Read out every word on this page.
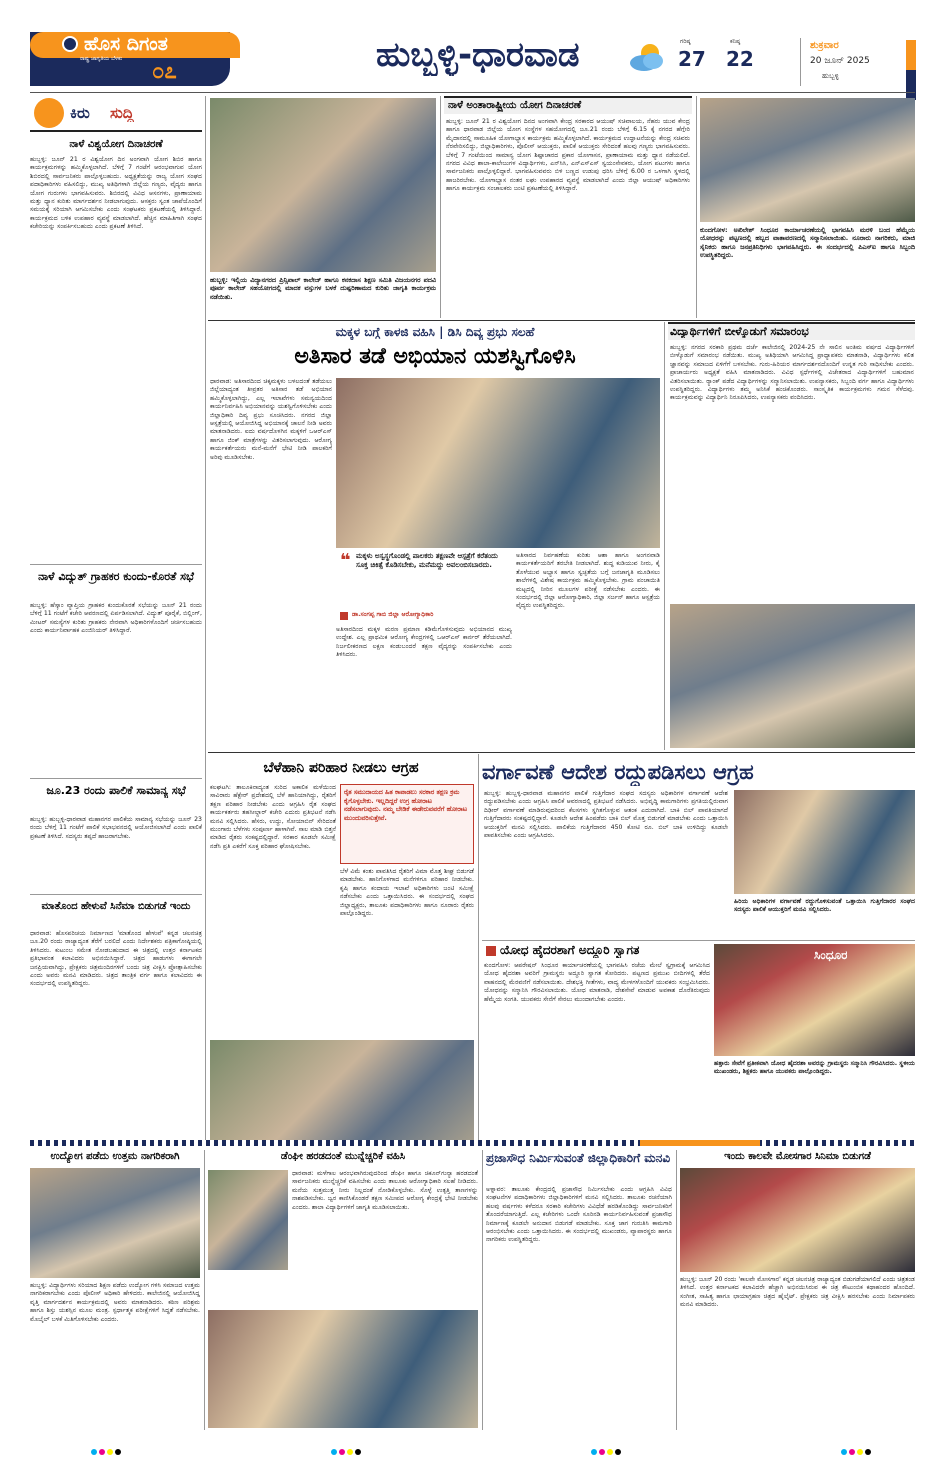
ಹೊಸ ದಿಗಂತ
ರಾಷ್ಟ್ರ ಜಾಗೃತಿಯ ಬೆಳಕು	೦೭	ಹುಬ್ಬಳ್ಳಿ-ಧಾರವಾಡ	ಗರಿಷ್ಠ
27
ಕನಿಷ್ಠ
22
ಶುಕ್ರವಾರ
20 ಜೂನ್ 2025
ಹುಬ್ಬಳ್ಳಿ
ಕಿರು ಸುದ್ದಿ
ನಾಳೆ ವಿಶ್ವಯೋಗ ದಿನಾಚರಣೆ
ಹುಬ್ಬಳ್ಳಿ: ಜೂನ್ 21 ರ ವಿಶ್ವಯೋಗ ದಿನ ಅಂಗವಾಗಿ ಯೋಗ ಶಿಬಿರ ಹಾಗೂ ಕಾರ್ಯಕ್ರಮಗಳನ್ನು ಹಮ್ಮಿಕೊಳ್ಳಲಾಗಿದೆ. ಬೆಳಿಗ್ಗೆ 7 ಗಂಟೆಗೆ ಆರಂಭವಾಗುವ ಯೋಗ ಶಿಬಿರದಲ್ಲಿ ಸಾರ್ವಜನಿಕರು ಪಾಲ್ಗೊಳ್ಳಬಹುದು. ಅಧ್ಯಕ್ಷತೆಯನ್ನು ರಾಜ್ಯ ಯೋಗ ಸಂಘದ ಪದಾಧಿಕಾರಿಗಳು ವಹಿಸಲಿದ್ದು, ಮುಖ್ಯ ಅತಿಥಿಗಳಾಗಿ ಜಿಲ್ಲೆಯ ಗಣ್ಯರು, ವೈದ್ಯರು ಹಾಗೂ ಯೋಗ ಗುರುಗಳು ಭಾಗವಹಿಸುವರು. ಶಿಬಿರದಲ್ಲಿ ವಿವಿಧ ಆಸನಗಳು, ಪ್ರಾಣಾಯಾಮ ಮತ್ತು ಧ್ಯಾನ ಕುರಿತು ಮಾರ್ಗದರ್ಶನ ನೀಡಲಾಗುವುದು. ಆಸಕ್ತರು ಸ್ವಂತ ಚಾಪೆಯೊಂದಿಗೆ ಸಮಯಕ್ಕೆ ಸರಿಯಾಗಿ ಆಗಮಿಸಬೇಕು ಎಂದು ಸಂಘಟಕರು ಪ್ರಕಟಣೆಯಲ್ಲಿ ತಿಳಿಸಿದ್ದಾರೆ. ಕಾರ್ಯಕ್ರಮದ ಬಳಿಕ ಉಪಹಾರ ವ್ಯವಸ್ಥೆ ಮಾಡಲಾಗಿದೆ. ಹೆಚ್ಚಿನ ಮಾಹಿತಿಗಾಗಿ ಸಂಘದ ಕಚೇರಿಯನ್ನು ಸಂಪರ್ಕಿಸಬಹುದು ಎಂದು ಪ್ರಕಟಣೆ ತಿಳಿಸಿದೆ.
ನಾಳೆ ವಿದ್ಯುತ್ ಗ್ರಾಹಕರ ಕುಂದು-ಕೊರತೆ ಸಭೆ
ಹುಬ್ಬಳ್ಳಿ: ಹೆಸ್ಕಾಂ ವ್ಯಾಪ್ತಿಯ ಗ್ರಾಹಕರ ಕುಂದುಕೊರತೆ ಸಭೆಯನ್ನು ಜೂನ್ 21 ರಂದು ಬೆಳಿಗ್ಗೆ 11 ಗಂಟೆಗೆ ಕಚೇರಿ ಆವರಣದಲ್ಲಿ ಏರ್ಪಡಿಸಲಾಗಿದೆ. ವಿದ್ಯುತ್ ಪೂರೈಕೆ, ಬಿಲ್ಲಿಂಗ್, ಮೀಟರ್ ಸಮಸ್ಯೆಗಳ ಕುರಿತು ಗ್ರಾಹಕರು ನೇರವಾಗಿ ಅಧಿಕಾರಿಗಳೊಂದಿಗೆ ಚರ್ಚಿಸಬಹುದು ಎಂದು ಕಾರ್ಯನಿರ್ವಾಹಕ ಎಂಜಿನಿಯರ್ ತಿಳಿಸಿದ್ದಾರೆ.
ಜೂ.23 ರಂದು ಪಾಲಿಕೆ ಸಾಮಾನ್ಯ ಸಭೆ
ಹುಬ್ಬಳ್ಳಿ: ಹುಬ್ಬಳ್ಳಿ-ಧಾರವಾಡ ಮಹಾನಗರ ಪಾಲಿಕೆಯ ಸಾಮಾನ್ಯ ಸಭೆಯನ್ನು ಜೂನ್ 23 ರಂದು ಬೆಳಿಗ್ಗೆ 11 ಗಂಟೆಗೆ ಪಾಲಿಕೆ ಸಭಾಭವನದಲ್ಲಿ ಆಯೋಜಿಸಲಾಗಿದೆ ಎಂದು ಪಾಲಿಕೆ ಪ್ರಕಟಣೆ ತಿಳಿಸಿದೆ. ಸದಸ್ಯರು ತಪ್ಪದೆ ಹಾಜರಾಗಬೇಕು.
ಮಾತೊಂದ ಹೇಳುವೆ ಸಿನೆಮಾ ಬಿಡುಗಡೆ ಇಂದು
ಧಾರವಾಡ: ಹೊಸಪರಿಚಯ ನಿರ್ಮಾಣದ 'ಮಾತೊಂದ ಹೇಳುವೆ' ಕನ್ನಡ ಚಲನಚಿತ್ರ ಜೂ.20 ರಂದು ರಾಜ್ಯಾದ್ಯಂತ ತೆರೆಗೆ ಬರಲಿದೆ ಎಂದು ನಿರ್ದೇಶಕರು ಪತ್ರಿಕಾಗೋಷ್ಠಿಯಲ್ಲಿ ತಿಳಿಸಿದರು. ಕುಟುಂಬ ಸಮೇತ ನೋಡಬಹುದಾದ ಈ ಚಿತ್ರದಲ್ಲಿ ಉತ್ತರ ಕರ್ನಾಟಕದ ಪ್ರತಿಭಾವಂತ ಕಲಾವಿದರು ಅಭಿನಯಿಸಿದ್ದಾರೆ. ಚಿತ್ರದ ಹಾಡುಗಳು ಈಗಾಗಲೇ ಜನಪ್ರಿಯವಾಗಿದ್ದು, ಪ್ರೇಕ್ಷಕರು ಚಿತ್ರಮಂದಿರಗಳಿಗೆ ಬಂದು ಚಿತ್ರ ವೀಕ್ಷಿಸಿ ಪ್ರೋತ್ಸಾಹಿಸಬೇಕು ಎಂದು ಅವರು ಮನವಿ ಮಾಡಿದರು. ಚಿತ್ರದ ತಾಂತ್ರಿಕ ವರ್ಗ ಹಾಗೂ ಕಲಾವಿದರು ಈ ಸಂದರ್ಭದಲ್ಲಿ ಉಪಸ್ಥಿತರಿದ್ದರು.
ಹುಬ್ಬಳ್ಳಿ: ಇಲ್ಲಿಯ ವಿದ್ಯಾನಗರದ ಪ್ರಿನ್ಸಿಪಾಲ್ ಕಾಲೇಜ್ ಹಾಗೂ ಕನಕದಾಸ ಶಿಕ್ಷಣ ಸಮಿತಿ ವಿಜಯನಗರ ಪದವಿ ಪೂರ್ವ ಕಾಲೇಜ್ ಸಹಯೋಗದಲ್ಲಿ ಮಾದಕ ವಸ್ತುಗಳ ಬಳಕೆ ದುಷ್ಪರಿಣಾಮದ ಕುರಿತು ಜಾಗೃತಿ ಕಾರ್ಯಕ್ರಮ ನಡೆಯಿತು.
ನಾಳೆ ಅಂತಾರಾಷ್ಟ್ರೀಯ ಯೋಗ ದಿನಾಚರಣೆ
ಹುಬ್ಬಳ್ಳಿ: ಜೂನ್ 21 ರ ವಿಶ್ವಯೋಗ ದಿನದ ಅಂಗವಾಗಿ ಕೇಂದ್ರ ಸರಕಾರದ ಆಯುಷ್ ಸಚಿವಾಲಯ, ನೆಹರು ಯುವ ಕೇಂದ್ರ ಹಾಗೂ ಧಾರವಾಡ ಜಿಲ್ಲೆಯ ಯೋಗ ಸಂಸ್ಥೆಗಳ ಸಹಯೋಗದಲ್ಲಿ ಜೂ.21 ರಂದು ಬೆಳಿಗ್ಗೆ 6.15 ಕ್ಕೆ ನಗರದ ಹೆಗ್ಗೇರಿ ಮೈದಾನದಲ್ಲಿ ಸಾಮೂಹಿಕ ಯೋಗಾಭ್ಯಾಸ ಕಾರ್ಯಕ್ರಮ ಹಮ್ಮಿಕೊಳ್ಳಲಾಗಿದೆ. ಕಾರ್ಯಕ್ರಮದ ಉದ್ಘಾಟನೆಯನ್ನು ಕೇಂದ್ರ ಸಚಿವರು ನೆರವೇರಿಸಲಿದ್ದು, ಜಿಲ್ಲಾಧಿಕಾರಿಗಳು, ಪೊಲೀಸ್ ಆಯುಕ್ತರು, ಪಾಲಿಕೆ ಆಯುಕ್ತರು ಸೇರಿದಂತೆ ಹಲವು ಗಣ್ಯರು ಭಾಗವಹಿಸುವರು. ಬೆಳಿಗ್ಗೆ 7 ಗಂಟೆಯಿಂದ ಸಾಮಾನ್ಯ ಯೋಗ ಶಿಷ್ಟಾಚಾರದ ಪ್ರಕಾರ ಯೋಗಾಸನ, ಪ್ರಾಣಾಯಾಮ ಮತ್ತು ಧ್ಯಾನ ನಡೆಯಲಿದೆ. ನಗರದ ವಿವಿಧ ಶಾಲಾ-ಕಾಲೇಜುಗಳ ವಿದ್ಯಾರ್ಥಿಗಳು, ಎನ್‌ಸಿಸಿ, ಎನ್‌ಎಸ್‌ಎಸ್ ಸ್ವಯಂಸೇವಕರು, ಯೋಗ ಪಟುಗಳು ಹಾಗೂ ಸಾರ್ವಜನಿಕರು ಪಾಲ್ಗೊಳ್ಳಲಿದ್ದಾರೆ. ಭಾಗವಹಿಸುವವರು ಬಿಳಿ ಬಣ್ಣದ ಉಡುಪು ಧರಿಸಿ ಬೆಳಿಗ್ಗೆ 6.00 ರ ಒಳಗಾಗಿ ಸ್ಥಳದಲ್ಲಿ ಹಾಜರಿರಬೇಕು. ಯೋಗಾಭ್ಯಾಸ ನಂತರ ಲಘು ಉಪಹಾರದ ವ್ಯವಸ್ಥೆ ಮಾಡಲಾಗಿದೆ ಎಂದು ಜಿಲ್ಲಾ ಆಯುಷ್ ಅಧಿಕಾರಿಗಳು ಹಾಗೂ ಕಾರ್ಯಕ್ರಮ ಸಂಚಾಲಕರು ಜಂಟಿ ಪ್ರಕಟಣೆಯಲ್ಲಿ ತಿಳಿಸಿದ್ದಾರೆ.
ಕುಂದಗೋಳ: ಅಖಿಲೇಶ್ ಸಿಂಧೂರ ಕಾರ್ಯಾಚರಣೆಯಲ್ಲಿ ಭಾಗವಹಿಸಿ ಮರಳಿ ಬಂದ ಹೆಮ್ಮೆಯ ಯೋಧರನ್ನು ಪಟ್ಟಣದಲ್ಲಿ ಹಬ್ಬದ ವಾತಾವರಣದಲ್ಲಿ ಸನ್ಮಾನಿಸಲಾಯಿತು. ನೂರಾರು ನಾಗರಿಕರು, ಮಾಜಿ ಸೈನಿಕರು ಹಾಗೂ ಜನಪ್ರತಿನಿಧಿಗಳು ಭಾಗವಹಿಸಿದ್ದರು. ಈ ಸಂದರ್ಭದಲ್ಲಿ ಪಿಎಸ್ಐ ಹಾಗೂ ಸಿಬ್ಬಂದಿ ಉಪಸ್ಥಿತರಿದ್ದರು.
ಮಕ್ಕಳ ಬಗ್ಗೆ ಕಾಳಜಿ ವಹಿಸಿ | ಡಿಸಿ ದಿವ್ಯ ಪ್ರಭು ಸಲಹೆ
ಅತಿಸಾರ ತಡೆ ಅಭಿಯಾನ ಯಶಸ್ವಿಗೊಳಿಸಿ
ಧಾರವಾಡ: ಅತಿಸಾರದಿಂದ ಚಿಕ್ಕಮಕ್ಕಳು ಬಳಲದಂತೆ ತಡೆಯಲು ಜಿಲ್ಲೆಯಾದ್ಯಂತ ತೀವ್ರತರ ಅತಿಸಾರ ತಡೆ ಅಭಿಯಾನ ಹಮ್ಮಿಕೊಳ್ಳಲಾಗಿದ್ದು, ಎಲ್ಲ ಇಲಾಖೆಗಳು ಸಮನ್ವಯದಿಂದ ಕಾರ್ಯನಿರ್ವಹಿಸಿ ಅಭಿಯಾನವನ್ನು ಯಶಸ್ವಿಗೊಳಿಸಬೇಕು ಎಂದು ಜಿಲ್ಲಾಧಿಕಾರಿ ದಿವ್ಯ ಪ್ರಭು ಸೂಚಿಸಿದರು. ನಗರದ ಜಿಲ್ಲಾ ಆಸ್ಪತ್ರೆಯಲ್ಲಿ ಆಯೋಜಿಸಿದ್ದ ಅಭಿಯಾನಕ್ಕೆ ಚಾಲನೆ ನೀಡಿ ಅವರು ಮಾತನಾಡಿದರು. ಐದು ವರ್ಷದೊಳಗಿನ ಮಕ್ಕಳಿಗೆ ಒಆರ್‌ಎಸ್ ಹಾಗೂ ಜಿಂಕ್ ಮಾತ್ರೆಗಳನ್ನು ವಿತರಿಸಲಾಗುವುದು. ಆರೋಗ್ಯ ಕಾರ್ಯಕರ್ತೆಯರು ಮನೆ-ಮನೆಗೆ ಭೇಟಿ ನೀಡಿ ಪಾಲಕರಿಗೆ ಅರಿವು ಮೂಡಿಸಬೇಕು.
❝ ಮಕ್ಕಳು ಅಸ್ವಸ್ಥಗೊಂಡಲ್ಲಿ ಪಾಲಕರು ತಕ್ಷಣವೇ ಆಸ್ಪತ್ರೆಗೆ ಕರೆತಂದು ಸೂಕ್ತ ಚಿಕಿತ್ಸೆ ಕೊಡಿಸಬೇಕು, ಮನೆಮದ್ದು ಅವಲಂಬಿಸಬಾರದು.
ಡಾ.ಸಂಗಪ್ಪ ಗಾಬಿ ಜಿಲ್ಲಾ ಆರೋಗ್ಯಾಧಿಕಾರಿ
ಅತಿಸಾರದಿಂದ ಮಕ್ಕಳ ಮರಣ ಪ್ರಮಾಣ ಕಡಿಮೆಗೊಳಿಸುವುದು ಅಭಿಯಾನದ ಮುಖ್ಯ ಉದ್ದೇಶ. ಎಲ್ಲ ಪ್ರಾಥಮಿಕ ಆರೋಗ್ಯ ಕೇಂದ್ರಗಳಲ್ಲಿ ಒಆರ್‌ಎಸ್ ಕಾರ್ನರ್ ತೆರೆಯಲಾಗಿದೆ. ನಿರ್ಜಲೀಕರಣದ ಲಕ್ಷಣ ಕಂಡುಬಂದರೆ ತಕ್ಷಣ ವೈದ್ಯರನ್ನು ಸಂಪರ್ಕಿಸಬೇಕು ಎಂದು ತಿಳಿಸಿದರು.
ಅತಿಸಾರದ ನಿರ್ವಹಣೆಯ ಕುರಿತು ಆಶಾ ಹಾಗೂ ಅಂಗನವಾಡಿ ಕಾರ್ಯಕರ್ತೆಯರಿಗೆ ತರಬೇತಿ ನೀಡಲಾಗಿದೆ. ಶುದ್ಧ ಕುಡಿಯುವ ನೀರು, ಕೈ ತೊಳೆಯುವ ಅಭ್ಯಾಸ ಹಾಗೂ ಸ್ವಚ್ಛತೆಯ ಬಗ್ಗೆ ಜನಜಾಗೃತಿ ಮೂಡಿಸಲು ಶಾಲೆಗಳಲ್ಲಿ ವಿಶೇಷ ಕಾರ್ಯಕ್ರಮ ಹಮ್ಮಿಕೊಳ್ಳಬೇಕು. ಗ್ರಾಮ ಪಂಚಾಯಿತಿ ಮಟ್ಟದಲ್ಲಿ ನೀರಿನ ಮೂಲಗಳ ಪರೀಕ್ಷೆ ನಡೆಸಬೇಕು ಎಂದರು. ಈ ಸಂದರ್ಭದಲ್ಲಿ ಜಿಲ್ಲಾ ಆರೋಗ್ಯಾಧಿಕಾರಿ, ಜಿಲ್ಲಾ ಸರ್ಜನ್ ಹಾಗೂ ಆಸ್ಪತ್ರೆಯ ವೈದ್ಯರು ಉಪಸ್ಥಿತರಿದ್ದರು.
ವಿದ್ಯಾರ್ಥಿಗಳಿಗೆ ಬೀಳ್ಕೊಡುಗೆ ಸಮಾರಂಭ
ಹುಬ್ಬಳ್ಳಿ: ನಗರದ ಸರಕಾರಿ ಪ್ರಥಮ ದರ್ಜೆ ಕಾಲೇಜಿನಲ್ಲಿ 2024-25 ನೇ ಸಾಲಿನ ಅಂತಿಮ ವರ್ಷದ ವಿದ್ಯಾರ್ಥಿಗಳಿಗೆ ಬೀಳ್ಕೊಡುಗೆ ಸಮಾರಂಭ ನಡೆಯಿತು. ಮುಖ್ಯ ಅತಿಥಿಯಾಗಿ ಆಗಮಿಸಿದ್ದ ಪ್ರಾಧ್ಯಾಪಕರು ಮಾತನಾಡಿ, ವಿದ್ಯಾರ್ಥಿಗಳು ಕಲಿತ ಜ್ಞಾನವನ್ನು ಸಮಾಜದ ಏಳಿಗೆಗೆ ಬಳಸಬೇಕು. ಗುರು-ಹಿರಿಯರ ಮಾರ್ಗದರ್ಶನದೊಂದಿಗೆ ಉನ್ನತ ಗುರಿ ಸಾಧಿಸಬೇಕು ಎಂದರು. ಪ್ರಾಚಾರ್ಯರು ಅಧ್ಯಕ್ಷತೆ ವಹಿಸಿ ಮಾತನಾಡಿದರು. ವಿವಿಧ ಸ್ಪರ್ಧೆಗಳಲ್ಲಿ ವಿಜೇತರಾದ ವಿದ್ಯಾರ್ಥಿಗಳಿಗೆ ಬಹುಮಾನ ವಿತರಿಸಲಾಯಿತು. ರ‍್ಯಾಂಕ್ ಪಡೆದ ವಿದ್ಯಾರ್ಥಿಗಳನ್ನು ಸನ್ಮಾನಿಸಲಾಯಿತು. ಉಪನ್ಯಾಸಕರು, ಸಿಬ್ಬಂದಿ ವರ್ಗ ಹಾಗೂ ವಿದ್ಯಾರ್ಥಿಗಳು ಉಪಸ್ಥಿತರಿದ್ದರು. ವಿದ್ಯಾರ್ಥಿಗಳು ತಮ್ಮ ಅನಿಸಿಕೆ ಹಂಚಿಕೊಂಡರು. ಸಾಂಸ್ಕೃತಿಕ ಕಾರ್ಯಕ್ರಮಗಳು ಗಮನ ಸೆಳೆದವು. ಕಾರ್ಯಕ್ರಮವನ್ನು ವಿದ್ಯಾರ್ಥಿನಿ ನಿರೂಪಿಸಿದರು, ಉಪನ್ಯಾಸಕರು ವಂದಿಸಿದರು.
ಬೆಳೆಹಾನಿ ಪರಿಹಾರ ನೀಡಲು ಆಗ್ರಹ
ಕಲಘಟಗಿ: ತಾಲೂಕಿನಾದ್ಯಂತ ಸುರಿದ ಅಕಾಲಿಕ ಮಳೆಯಿಂದ ಸಾವಿರಾರು ಹೆಕ್ಟೇರ್ ಪ್ರದೇಶದಲ್ಲಿ ಬೆಳೆ ಹಾನಿಯಾಗಿದ್ದು, ರೈತರಿಗೆ ತಕ್ಷಣ ಪರಿಹಾರ ನೀಡಬೇಕು ಎಂದು ಆಗ್ರಹಿಸಿ ರೈತ ಸಂಘದ ಕಾರ್ಯಕರ್ತರು ತಹಸೀಲ್ದಾರ್ ಕಚೇರಿ ಎದುರು ಪ್ರತಿಭಟನೆ ನಡೆಸಿ ಮನವಿ ಸಲ್ಲಿಸಿದರು. ಹೆಸರು, ಉದ್ದು, ಸೋಯಾಬಿನ್ ಸೇರಿದಂತೆ ಮುಂಗಾರು ಬೆಳೆಗಳು ಸಂಪೂರ್ಣ ಹಾಳಾಗಿವೆ. ಸಾಲ ಮಾಡಿ ಬಿತ್ತನೆ ಮಾಡಿದ ರೈತರು ಸಂಕಷ್ಟದಲ್ಲಿದ್ದಾರೆ. ಸರಕಾರ ಕೂಡಲೇ ಸಮೀಕ್ಷೆ ನಡೆಸಿ ಪ್ರತಿ ಎಕರೆಗೆ ಸೂಕ್ತ ಪರಿಹಾರ ಘೋಷಿಸಬೇಕು.
ರೈತ ಸಮುದಾಯದ ಹಿತ ಕಾಪಾಡಲು ಸರಕಾರ ತಕ್ಷಣ ಕ್ರಮ ಕೈಗೊಳ್ಳಬೇಕು. ಇಲ್ಲದಿದ್ದರೆ ಉಗ್ರ ಹೋರಾಟ ನಡೆಸಲಾಗುವುದು. ನಮ್ಮ ಬೇಡಿಕೆ ಈಡೇರುವವರೆಗೆ ಹೋರಾಟ ಮುಂದುವರಿಸುತ್ತೇವೆ.
ಬೆಳೆ ವಿಮೆ ಕಂತು ಪಾವತಿಸಿದ ರೈತರಿಗೆ ವಿಮಾ ಮೊತ್ತ ಶೀಘ್ರ ಬಿಡುಗಡೆ ಮಾಡಬೇಕು. ಹಾನಿಗೊಳಗಾದ ಮನೆಗಳಿಗೂ ಪರಿಹಾರ ನೀಡಬೇಕು. ಕೃಷಿ ಹಾಗೂ ಕಂದಾಯ ಇಲಾಖೆ ಅಧಿಕಾರಿಗಳು ಜಂಟಿ ಸಮೀಕ್ಷೆ ನಡೆಸಬೇಕು ಎಂದು ಒತ್ತಾಯಿಸಿದರು. ಈ ಸಂದರ್ಭದಲ್ಲಿ ಸಂಘದ ಜಿಲ್ಲಾಧ್ಯಕ್ಷರು, ತಾಲೂಕು ಪದಾಧಿಕಾರಿಗಳು ಹಾಗೂ ನೂರಾರು ರೈತರು ಪಾಲ್ಗೊಂಡಿದ್ದರು.
ವರ್ಗಾವಣೆ ಆದೇಶ ರದ್ದುಪಡಿಸಲು ಆಗ್ರಹ
ಹುಬ್ಬಳ್ಳಿ: ಹುಬ್ಬಳ್ಳಿ-ಧಾರವಾಡ ಮಹಾನಗರ ಪಾಲಿಕೆ ಗುತ್ತಿಗೆದಾರ ಸಂಘದ ಸದಸ್ಯರು ಅಧಿಕಾರಿಗಳ ವರ್ಗಾವಣೆ ಆದೇಶ ರದ್ದುಪಡಿಸಬೇಕು ಎಂದು ಆಗ್ರಹಿಸಿ ಪಾಲಿಕೆ ಆವರಣದಲ್ಲಿ ಪ್ರತಿಭಟನೆ ನಡೆಸಿದರು. ಅಭಿವೃದ್ಧಿ ಕಾಮಗಾರಿಗಳು ಪ್ರಗತಿಯಲ್ಲಿರುವಾಗ ದಿಢೀರ್ ವರ್ಗಾವಣೆ ಮಾಡಿರುವುದರಿಂದ ಕೆಲಸಗಳು ಸ್ಥಗಿತಗೊಳ್ಳುವ ಆತಂಕ ಎದುರಾಗಿದೆ. ಬಾಕಿ ಬಿಲ್ ಪಾವತಿಯಾಗದೆ ಗುತ್ತಿಗೆದಾರರು ಸಂಕಷ್ಟದಲ್ಲಿದ್ದಾರೆ. ಕೂಡಲೇ ಆದೇಶ ಹಿಂಪಡೆದು ಬಾಕಿ ಬಿಲ್ ಮೊತ್ತ ಬಿಡುಗಡೆ ಮಾಡಬೇಕು ಎಂದು ಒತ್ತಾಯಿಸಿ ಆಯುಕ್ತರಿಗೆ ಮನವಿ ಸಲ್ಲಿಸಿದರು. ಪಾಲಿಕೆಯ ಗುತ್ತಿಗೆದಾರರ 450 ಕೋಟಿ ರೂ. ಬಿಲ್ ಬಾಕಿ ಉಳಿದಿದ್ದು ಕೂಡಲೇ ಪಾವತಿಸಬೇಕು ಎಂದು ಆಗ್ರಹಿಸಿದರು.
ಹಿರಿಯ ಅಧಿಕಾರಿಗಳ ವರ್ಗಾವಣೆ ರದ್ದುಗೊಳಿಸುವಂತೆ ಒತ್ತಾಯಿಸಿ ಗುತ್ತಿಗೆದಾರರ ಸಂಘದ ಸದಸ್ಯರು ಪಾಲಿಕೆ ಆಯುಕ್ತರಿಗೆ ಮನವಿ ಸಲ್ಲಿಸಿದರು.
ಯೋಧ ಹೈದರಶಾಗೆ ಅದ್ದೂರಿ ಸ್ವಾಗತ
ಕುಂದಗೋಳ: ಆಪರೇಷನ್ ಸಿಂಧೂರ ಕಾರ್ಯಾಚರಣೆಯಲ್ಲಿ ಭಾಗವಹಿಸಿ ರಜೆಯ ಮೇಲೆ ಸ್ವಗ್ರಾಮಕ್ಕೆ ಆಗಮಿಸಿದ ಯೋಧ ಹೈದರಶಾ ಅವರಿಗೆ ಗ್ರಾಮಸ್ಥರು ಅದ್ದೂರಿ ಸ್ವಾಗತ ಕೋರಿದರು. ಪಟ್ಟಣದ ಪ್ರಮುಖ ಬೀದಿಗಳಲ್ಲಿ ತೆರೆದ ವಾಹನದಲ್ಲಿ ಮೆರವಣಿಗೆ ನಡೆಸಲಾಯಿತು. ದೇಶಭಕ್ತಿ ಗೀತೆಗಳು, ವಾದ್ಯ ಮೇಳಗಳೊಂದಿಗೆ ಯುವಕರು ಸಂಭ್ರಮಿಸಿದರು. ಯೋಧನನ್ನು ಸನ್ಮಾನಿಸಿ ಗೌರವಿಸಲಾಯಿತು. ಯೋಧ ಮಾತನಾಡಿ, ದೇಶಸೇವೆ ಮಾಡುವ ಅವಕಾಶ ದೊರೆತಿರುವುದು ಹೆಮ್ಮೆಯ ಸಂಗತಿ. ಯುವಕರು ಸೇನೆಗೆ ಸೇರಲು ಮುಂದಾಗಬೇಕು ಎಂದರು.
ಸಿಂಧೂರ
ಹತ್ತಾರು ಸೇವೆಗೆ ಪ್ರತೀಕವಾಗಿ ಯೋಧ ಹೈದರಶಾ ಅವರನ್ನು ಗ್ರಾಮಸ್ಥರು ಸನ್ಮಾನಿಸಿ ಗೌರವಿಸಿದರು. ಸ್ಥಳೀಯ ಮುಖಂಡರು, ಶಿಕ್ಷಕರು ಹಾಗೂ ಯುವಕರು ಪಾಲ್ಗೊಂಡಿದ್ದರು.
ಉದ್ಯೋಗ ಪಡೆದು ಉತ್ತಮ ನಾಗರಿಕರಾಗಿ
ಹುಬ್ಬಳ್ಳಿ: ವಿದ್ಯಾರ್ಥಿಗಳು ಸರಿಯಾದ ಶಿಕ್ಷಣ ಪಡೆದು ಉದ್ಯೋಗ ಗಳಿಸಿ ಸಮಾಜದ ಉತ್ತಮ ನಾಗರಿಕರಾಗಬೇಕು ಎಂದು ಪೊಲೀಸ್ ಅಧಿಕಾರಿ ಹೇಳಿದರು. ಕಾಲೇಜಿನಲ್ಲಿ ಆಯೋಜಿಸಿದ್ದ ವೃತ್ತಿ ಮಾರ್ಗದರ್ಶನ ಕಾರ್ಯಕ್ರಮದಲ್ಲಿ ಅವರು ಮಾತನಾಡಿದರು. ಕಠಿಣ ಪರಿಶ್ರಮ ಹಾಗೂ ಶಿಸ್ತು ಯಶಸ್ಸಿನ ಮೂಲ ಮಂತ್ರ. ಸ್ಪರ್ಧಾತ್ಮಕ ಪರೀಕ್ಷೆಗಳಿಗೆ ಸಿದ್ಧತೆ ನಡೆಸಬೇಕು. ಮೊಬೈಲ್ ಬಳಕೆ ಮಿತಿಗೊಳಿಸಬೇಕು ಎಂದರು.
ಡೆಂಘೀ ಹರಡದಂತೆ ಮುನ್ನೆಚ್ಚರಿಕೆ ವಹಿಸಿ
ಧಾರವಾಡ: ಮಳೆಗಾಲ ಆರಂಭವಾಗಿರುವುದರಿಂದ ಡೆಂಘೀ ಹಾಗೂ ಚಿಕೂನ್‌ಗುನ್ಯಾ ಹರಡದಂತೆ ಸಾರ್ವಜನಿಕರು ಮುನ್ನೆಚ್ಚರಿಕೆ ವಹಿಸಬೇಕು ಎಂದು ತಾಲೂಕು ಆರೋಗ್ಯಾಧಿಕಾರಿ ಸಲಹೆ ನೀಡಿದರು. ಮನೆಯ ಸುತ್ತಮುತ್ತ ನೀರು ನಿಲ್ಲದಂತೆ ನೋಡಿಕೊಳ್ಳಬೇಕು. ಸೊಳ್ಳೆ ಉತ್ಪತ್ತಿ ತಾಣಗಳನ್ನು ನಾಶಪಡಿಸಬೇಕು. ಜ್ವರ ಕಾಣಿಸಿಕೊಂಡರೆ ತಕ್ಷಣ ಸಮೀಪದ ಆರೋಗ್ಯ ಕೇಂದ್ರಕ್ಕೆ ಭೇಟಿ ನೀಡಬೇಕು ಎಂದರು. ಶಾಲಾ ವಿದ್ಯಾರ್ಥಿಗಳಿಗೆ ಜಾಗೃತಿ ಮೂಡಿಸಲಾಯಿತು.
ಪ್ರಜಾಸೌಧ ನಿರ್ಮಿಸುವಂತೆ ಜಿಲ್ಲಾಧಿಕಾರಿಗೆ ಮನವಿ
ಅಳ್ನಾವರ: ತಾಲೂಕು ಕೇಂದ್ರದಲ್ಲಿ ಪ್ರಜಾಸೌಧ ನಿರ್ಮಿಸಬೇಕು ಎಂದು ಆಗ್ರಹಿಸಿ ವಿವಿಧ ಸಂಘಟನೆಗಳ ಪದಾಧಿಕಾರಿಗಳು ಜಿಲ್ಲಾಧಿಕಾರಿಗಳಿಗೆ ಮನವಿ ಸಲ್ಲಿಸಿದರು. ತಾಲೂಕು ರಚನೆಯಾಗಿ ಹಲವು ವರ್ಷಗಳು ಕಳೆದರೂ ಸರಕಾರಿ ಕಚೇರಿಗಳು ವಿವಿಧೆಡೆ ಹರಡಿಕೊಂಡಿದ್ದು ಸಾರ್ವಜನಿಕರಿಗೆ ತೊಂದರೆಯಾಗುತ್ತಿದೆ. ಎಲ್ಲ ಕಚೇರಿಗಳು ಒಂದೇ ಸೂರಿನಡಿ ಕಾರ್ಯನಿರ್ವಹಿಸುವಂತೆ ಪ್ರಜಾಸೌಧ ನಿರ್ಮಾಣಕ್ಕೆ ಕೂಡಲೇ ಅನುದಾನ ಬಿಡುಗಡೆ ಮಾಡಬೇಕು. ಸೂಕ್ತ ಜಾಗ ಗುರುತಿಸಿ ಕಾಮಗಾರಿ ಆರಂಭಿಸಬೇಕು ಎಂದು ಒತ್ತಾಯಿಸಿದರು. ಈ ಸಂದರ್ಭದಲ್ಲಿ ಮುಖಂಡರು, ವ್ಯಾಪಾರಸ್ಥರು ಹಾಗೂ ನಾಗರಿಕರು ಉಪಸ್ಥಿತರಿದ್ದರು.
ಇಂದು ಕಾಲವೇ ಮೋಸಗಾರ ಸಿನಿಮಾ ಬಿಡುಗಡೆ
ಹುಬ್ಬಳ್ಳಿ: ಜೂನ್ 20 ರಂದು 'ಕಾಲವೇ ಮೋಸಗಾರ' ಕನ್ನಡ ಚಲನಚಿತ್ರ ರಾಜ್ಯಾದ್ಯಂತ ಬಿಡುಗಡೆಯಾಗಲಿದೆ ಎಂದು ಚಿತ್ರತಂಡ ತಿಳಿಸಿದೆ. ಉತ್ತರ ಕರ್ನಾಟಕದ ಕಲಾವಿದರೇ ಹೆಚ್ಚಾಗಿ ಅಭಿನಯಿಸಿರುವ ಈ ಚಿತ್ರ ಕೌಟುಂಬಿಕ ಕಥಾಹಂದರ ಹೊಂದಿದೆ. ಸಂಗೀತ, ಸಾಹಿತ್ಯ ಹಾಗೂ ಛಾಯಾಗ್ರಹಣ ಚಿತ್ರದ ಹೈಲೈಟ್. ಪ್ರೇಕ್ಷಕರು ಚಿತ್ರ ವೀಕ್ಷಿಸಿ ಹರಸಬೇಕು ಎಂದು ನಿರ್ಮಾಪಕರು ಮನವಿ ಮಾಡಿದರು.
